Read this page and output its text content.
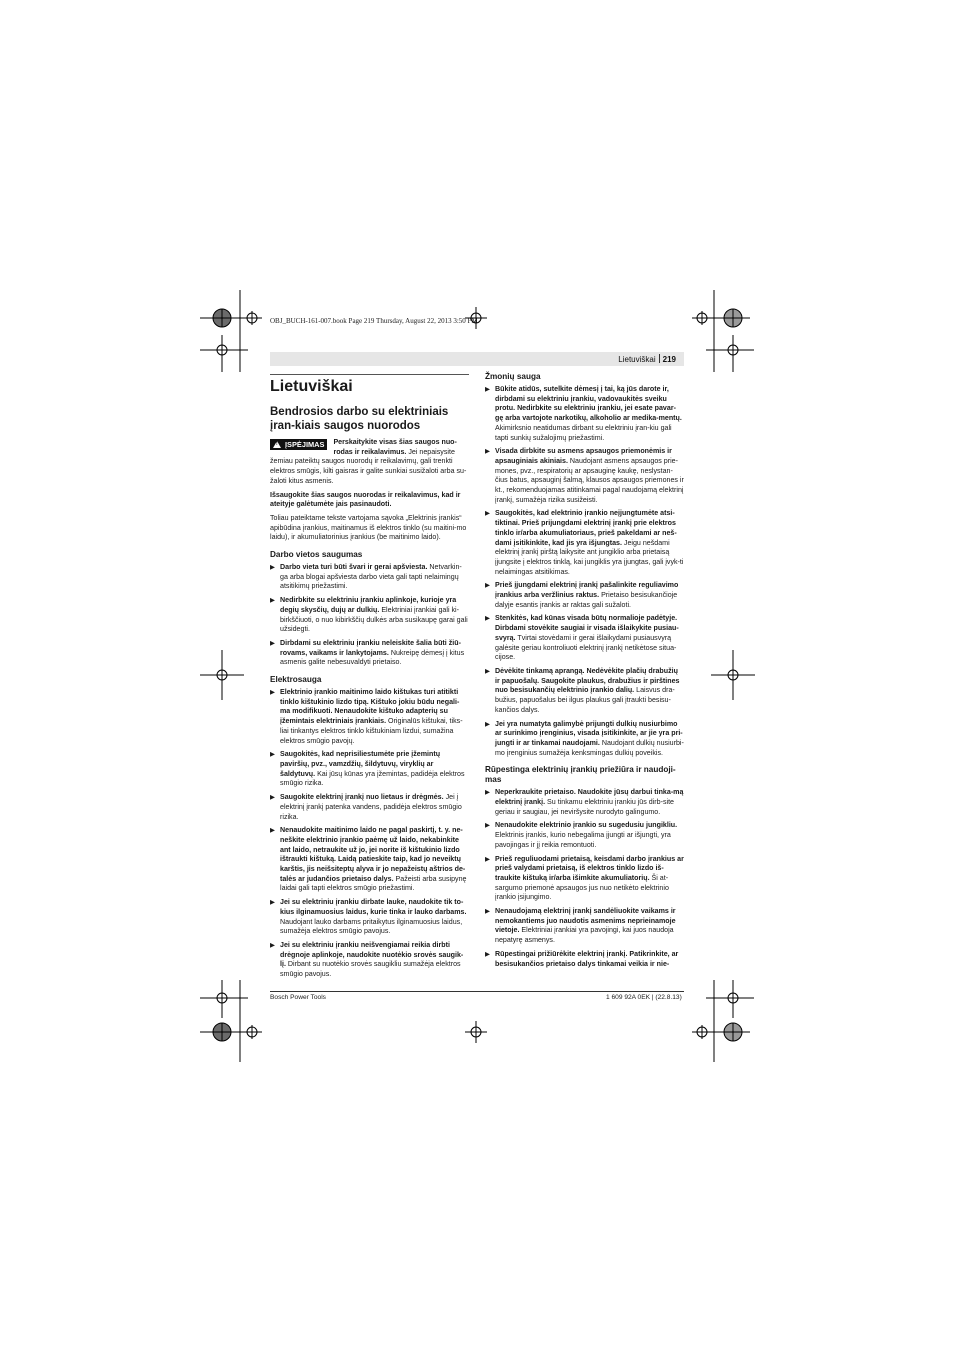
OBJ_BUCH-161-007.book Page 219 Thursday, August 22, 2013 3:50 PM
Lietuviškai 219
Lietuviškai
Bendrosios darbo su elektriniais įran-kiais saugos nuorodos
!
ĮSPĖJIMAS	Perskaitykite visas šias saugos nuo-rodas ir reikalavimus. Jei nepaisysite žemiau pateiktų saugos nuorodų ir reikalavimų, gali trenkti elektros smūgis, kilti gaisras ir galite sunkiai susižaloti arba su-žaloti kitus asmenis.

Išsaugokite šias saugos nuorodas ir reikalavimus, kad ir ateityje galėtumėte jais pasinaudoti.

Toliau pateiktame tekste vartojama sąvoka „Elektrinis įrankis“ apibūdina įrankius, maitinamus iš elektros tinklo (su maitini-mo laidu), ir akumuliatorinius įrankius (be maitinimo laido).

Darbo vietos saugumas
▶ Darbo vieta turi būti švari ir gerai apšviesta. Netvarkin-ga arba blogai apšviesta darbo vieta gali tapti nelaimingų atsitikimų priežastimi.
▶ Nedirbkite su elektriniu įrankiu aplinkoje, kurioje yra degių skysčių, dujų ar dulkių. Elektriniai įrankiai gali ki-birkščiuoti, o nuo kibirkščių dulkės arba susikaupę garai gali užsidegti.
▶ Dirbdami su elektriniu įrankiu neleiskite šalia būti žiū-rovams, vaikams ir lankytojams. Nukreipę dėmesį į kitus asmenis galite nebesuvaldyti prietaiso.
Elektrosauga
▶ Elektrinio įrankio maitinimo laido kištukas turi atitikti tinklo kištukinio lizdo tipą. Kištuko jokiu būdu negali-ma modifikuoti. Nenaudokite kištuko adapterių su įžemintais elektriniais įrankiais. Originalūs kištukai, tiks-liai tinkantys elektros tinklo kištukiniam lizdui, sumažina elektros smūgio pavojų.
▶ Saugokitės, kad neprisiliestumėte prie įžemintų paviršių, pvz., vamzdžių, šildytuvų, viryklių ar šaldytuvų. Kai jūsų kūnas yra įžemintas, padidėja elektros smūgio rizika.
▶ Saugokite elektrinį įrankį nuo lietaus ir drėgmės. Jei į elektrinį įrankį patenka vandens, padidėja elektros smūgio rizika.
▶ Nenaudokite maitinimo laido ne pagal paskirtį, t. y. ne-neškite elektrinio įrankio paėmę už laido, nekabinkite ant laido, netraukite už jo, jei norite iš kištukinio lizdo ištraukti kištuką. Laidą patieskite taip, kad jo neveiktų karštis, jis neišsiteptų alyva ir jo nepažeistų aštrios de-talės ar judančios prietaiso dalys. Pažeisti arba susipynę laidai gali tapti elektros smūgio priežastimi.
▶ Jei su elektriniu įrankiu dirbate lauke, naudokite tik to-kius ilginamuosius laidus, kurie tinka ir lauko darbams. Naudojant lauko darbams pritaikytus ilginamuosius laidus, sumažėja elektros smūgio pavojus.
▶ Jei su elektriniu įrankiu neišvengiamai reikia dirbti drėgnoje aplinkoje, naudokite nuotėkio srovės saugik-lį. Dirbant su nuotėkio srovės saugikliu sumažėja elektros smūgio pavojus.
Žmonių sauga
▶ Būkite atidūs, sutelkite dėmesį į tai, ką jūs darote ir, dirbdami su elektriniu įrankiu, vadovaukitės sveiku protu. Nedirbkite su elektriniu įrankiu, jei esate pavar-gę arba vartojote narkotikų, alkoholio ar medika-mentų. Akimirksnio neatidumas dirbant su elektriniu įran-kiu gali tapti sunkių sužalojimų priežastimi.
▶ Visada dirbkite su asmens apsaugos priemonėmis ir apsauginiais akiniais. Naudojant asmens apsaugos prie-mones, pvz., respiratorių ar apsauginę kaukę, neslystan-čius batus, apsauginį šalmą, klausos apsaugos priemones ir kt., rekomenduojamas atitinkamai pagal naudojamą elektrinį įrankį, sumažėja rizika susižeisti.
▶ Saugokitės, kad elektrinio įrankio neįjungtumėte atsi-tiktinai. Prieš prijungdami elektrinį įrankį prie elektros tinklo ir/arba akumuliatoriaus, prieš pakeldami ar neš-dami įsitikinkite, kad jis yra išjungtas. Jeigu nešdami elektrinį įrankį pirštą laikysite ant jungiklio arba prietaisą įjungsite į elektros tinklą, kai jungiklis yra įjungtas, gali įvyk-ti nelaimingas atsitikimas.
▶ Prieš įjungdami elektrinį įrankį pašalinkite reguliavimo įrankius arba veržlinius raktus. Prietaiso besisukančioje dalyje esantis įrankis ar raktas gali sužaloti.
▶ Stenkitės, kad kūnas visada būtų normalioje padėtyje. Dirbdami stovėkite saugiai ir visada išlaikykite pusiau-svyrą. Tvirtai stovėdami ir gerai išlaikydami pusiausvyrą galėsite geriau kontroliuoti elektrinį įrankį netikėtose situa-cijose.
▶ Dėvėkite tinkamą aprangą. Nedėvėkite plačių drabužių ir papuošalų. Saugokite plaukus, drabužius ir pirštines nuo besisukančių elektrinio įrankio dalių. Laisvus dra-bužius, papuošalus bei ilgus plaukus gali įtraukti besisu-kančios dalys.
▶ Jei yra numatyta galimybė prijungti dulkių nusiurbimo ar surinkimo įrenginius, visada įsitikinkite, ar jie yra pri-jungti ir ar tinkamai naudojami. Naudojant dulkių nusiurbi-mo įrenginius sumažėja kenksmingas dulkių poveikis.
Rūpestinga elektrinių įrankių priežiūra ir naudoji-mas
▶ Neperkraukite prietaiso. Naudokite jūsų darbui tinka-mą elektrinį įrankį. Su tinkamu elektriniu įrankiu jūs dirb-site geriau ir saugiau, jei neviršysite nurodyto galingumo.
▶ Nenaudokite elektrinio įrankio su sugedusiu jungikliu. Elektrinis įrankis, kurio nebegalima įjungti ar išjungti, yra pavojingas ir jį reikia remontuoti.
▶ Prieš reguliuodami prietaisą, keisdami darbo įrankius ar prieš valydami prietaisą, iš elektros tinklo lizdo iš-traukite kištuką ir/arba išimkite akumuliatorių. Ši at-sargumo priemonė apsaugos jus nuo netikėto elektrinio įrankio įsijungimo.
▶ Nenaudojamą elektrinį įrankį sandėliuokite vaikams ir nemokantiems juo naudotis asmenims neprieinamoje vietoje. Elektriniai įrankiai yra pavojingi, kai juos naudoja nepatyrę asmenys.
▶ Rūpestingai prižiūrėkite elektrinį įrankį. Patikrinkite, ar besisukančios prietaiso dalys tinkamai veikia ir nie-
Bosch Power Tools	1 609 92A 0EK | (22.8.13)
